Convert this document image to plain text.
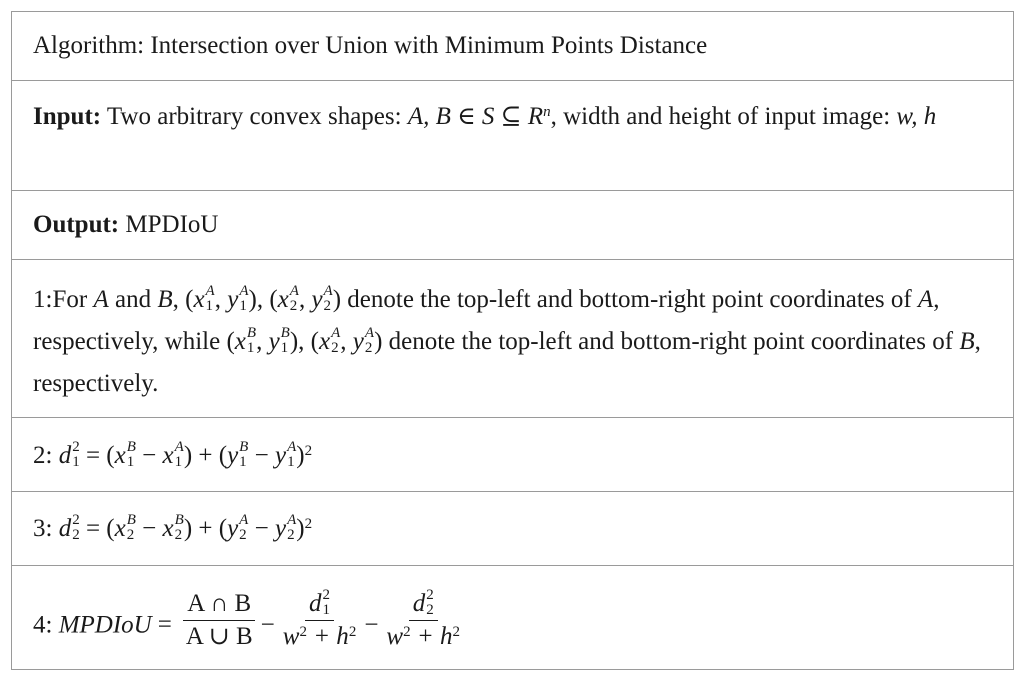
Algorithm: Intersection over Union with Minimum Points Distance
Input: Two arbitrary convex shapes: A, B ∈ S ⊆ $R^n$, width and height of input image: w, h
Output: MPDIoU
1:For A and B, (x A
1 , y A
1 ), (x A
2 , y A
2 ) denote the top-left and bottom-right point coordinates of A, respectively, while (x B
1 , y B
1 ), (x A
2 , y A
2 ) denote the top-left and bottom-right point coordinates of B, respectively.
2: d 2
1 = (x B
1 − x A
1 ) + (y B
1 − y A
1 )$^2$
3: d 2
2 = (x B
2 − x B
2 ) + (y A
2 − y A
2 )$^2$
4: MPDIoU = $\frac{A \cap B}{A \cup B} - d$ 2
1
$w^2 + h^2 - d$ 2
2
$w^2 + h^2$
